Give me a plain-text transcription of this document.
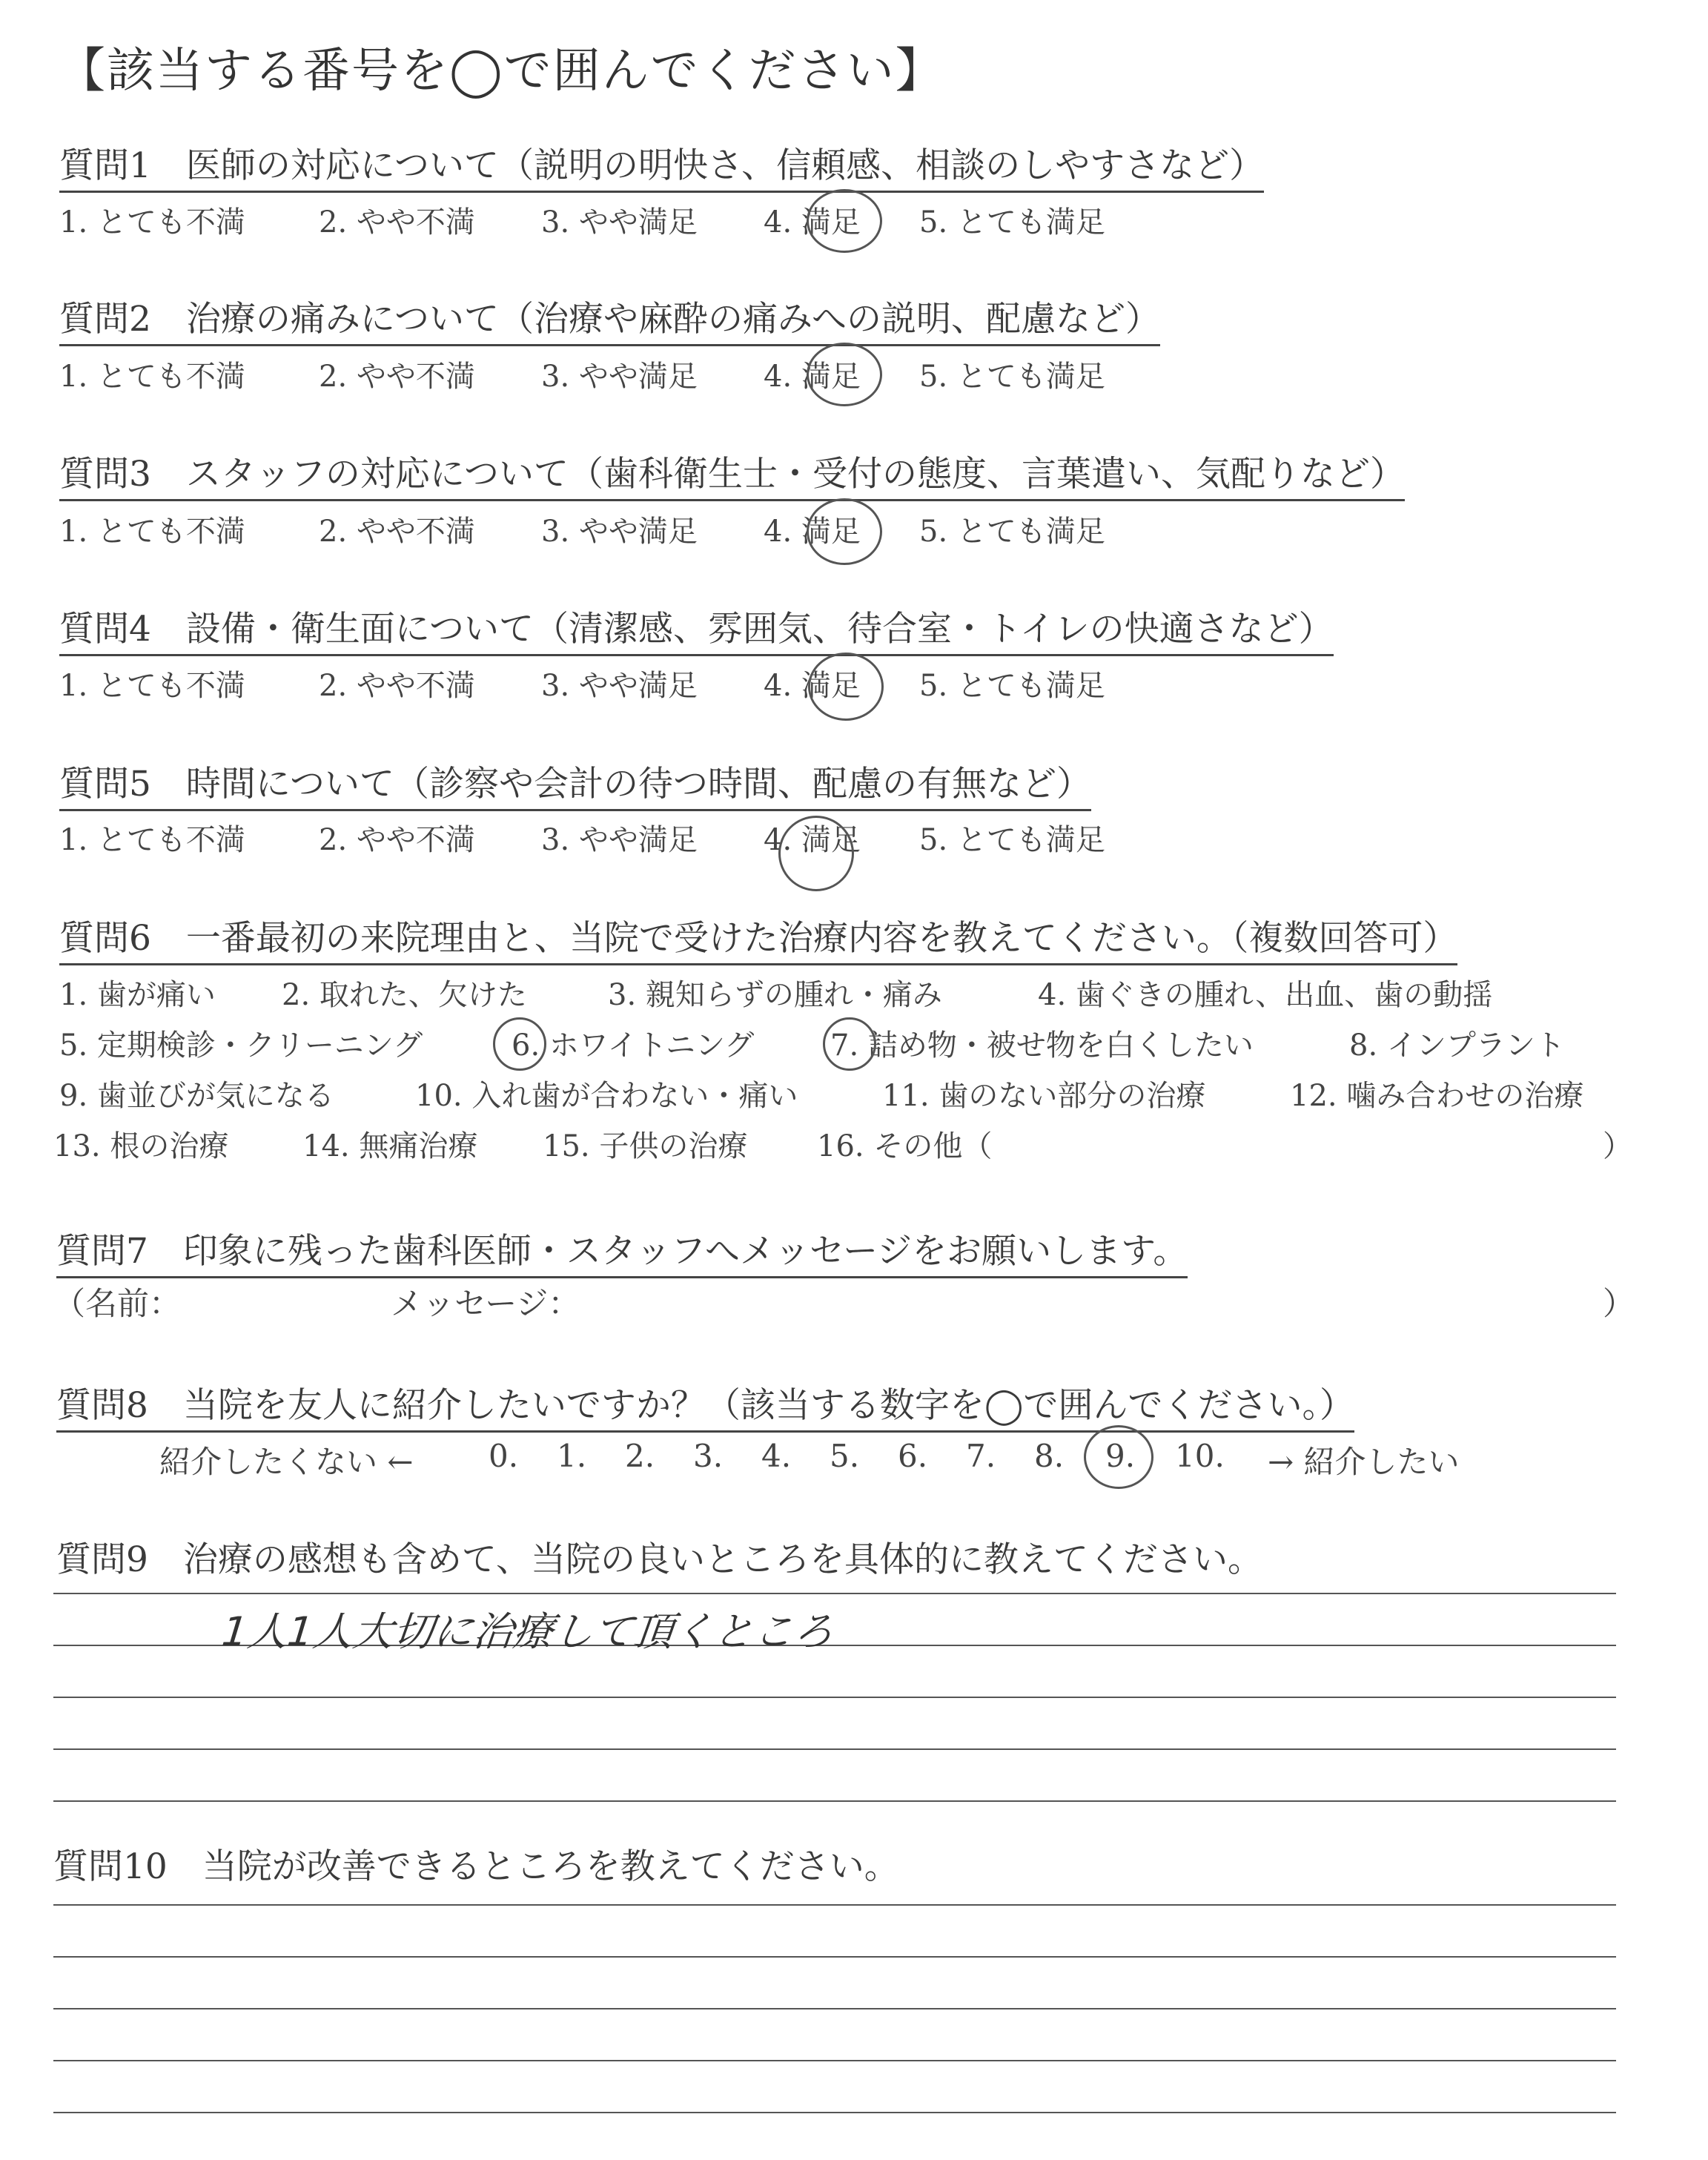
【該当する番号を◯で囲んでください】
質問1　医師の対応について（説明の明快さ、信頼感、相談のしやすさなど）
1. とても不満 2. やや不満 3. やや満足 4. 満足 5. とても満足
質問2　治療の痛みについて（治療や麻酔の痛みへの説明、配慮など）
1. とても不満 2. やや不満 3. やや満足 4. 満足 5. とても満足
質問3　スタッフの対応について（歯科衛生士・受付の態度、言葉遣い、気配りなど）
1. とても不満 2. やや不満 3. やや満足 4. 満足 5. とても満足
質問4　設備・衛生面について（清潔感、雰囲気、待合室・トイレの快適さなど）
1. とても不満 2. やや不満 3. やや満足 4. 満足 5. とても満足
質問5　時間について（診察や会計の待つ時間、配慮の有無など）
1. とても不満 2. やや不満 3. やや満足 4. 満足 5. とても満足
質問6　一番最初の来院理由と、当院で受けた治療内容を教えてください。（複数回答可）
1. 歯が痛い 2. 取れた、欠けた	3. 親知らずの腫れ・痛み	4. 歯ぐきの腫れ、出血、歯の動揺
5. 定期検診・クリーニング	6. ホワイトニング	7. 詰め物・被せ物を白くしたい	8. インプラント
9. 歯並びが気になる	10. 入れ歯が合わない・痛い	11. 歯のない部分の治療	12. 噛み合わせの治療
13. 根の治療 14. 無痛治療 15. 子供の治療 16. その他（	）
質問7　印象に残った歯科医師・スタッフへメッセージをお願いします。
（名前：	メッセージ：	）
質問8　当院を友人に紹介したいですか？（該当する数字を◯で囲んでください。）
紹介したくない ← 0. 1. 2. 3. 4. 5. 6. 7. 8. 9. 10. → 紹介したい
質問9　治療の感想も含めて、当院の良いところを具体的に教えてください。
1人1人大切に治療して頂くところ
質問10　当院が改善できるところを教えてください。
